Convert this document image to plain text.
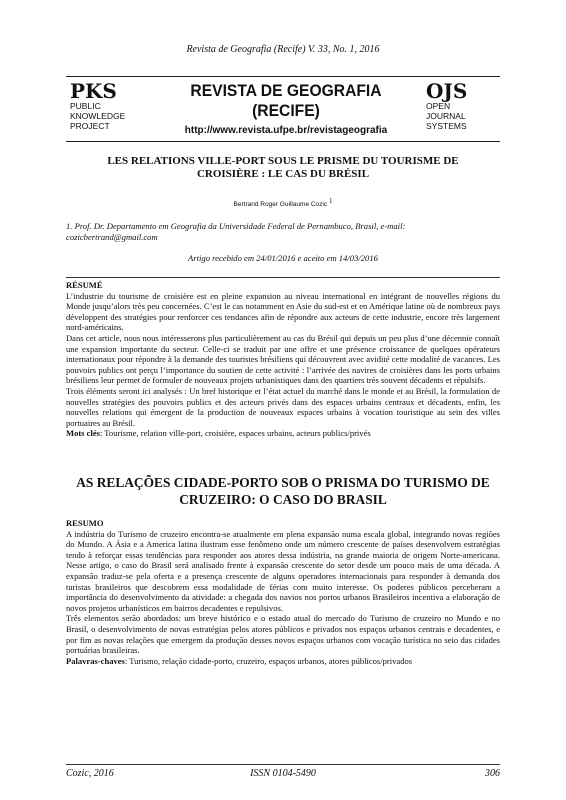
Revista de Geografia (Recife) V. 33, No. 1, 2016
PKS
PUBLIC
KNOWLEDGE
PROJECT
REVISTA DE GEOGRAFIA
(RECIFE)
http://www.revista.ufpe.br/revistageografia
OJS
OPEN
JOURNAL
SYSTEMS
LES RELATIONS VILLE-PORT SOUS LE PRISME DU TOURISME DE
CROISIÈRE : LE CAS DU BRÉSIL
Bertrand Roger Guillaume Cozic $^1$
1. Prof. Dr. Departamento em Geografia da Universidade Federal de Pernambuco, Brasil, e-mail:
cozicbertrand@gmail.com
Artigo recebido em 24/01/2016 e aceito em 14/03/2016

RÉSUMÉ

L’industrie du tourisme de croisière est en pleine expansion au niveau international en intégrant de nouvelles régions du Monde jusqu’alors très peu concernées. C’est le cas notamment en Asie du sud-est et en Amérique latine où de nombreux pays développent des stratégies pour renforcer ces tendances afin de répondre aux acteurs de cette industrie, encore très largement nord-américains.

Dans cet article, nous nous intéresserons plus particulièrement au cas du Brésil qui depuis un peu plus d’une décennie connaît une expansion importante du secteur. Celle-ci se traduit par une offre et une présence croissance de quelques opérateurs internationaux pour répondre à la demande des touristes brésiliens qui découvrent avec avidité cette modalité de vacances. Les pouvoirs publics ont perçu l’importance du soutien de cette activité : l’arrivée des navires de croisières dans les ports urbains brésiliens leur permet de formuler de nouveaux projets urbanistiques dans des quartiers très souvent décadents et répulsifs.

Trois éléments seront ici analysés : Un bref historique et l’état actuel du marché dans le monde et au Brésil, la formulation de nouvelles stratégies des pouvoirs publics et des acteurs privés dans des espaces urbains centraux et décadents, enfin, les nouvelles relations qui émergent de la production de nouveaux espaces urbains à vocation touristique au sein des villes portuaires au Brésil.

Mots clés: Tourisme, relation ville-port, croisière, espaces urbains, acteurs publics/privés

AS RELAÇÕES CIDADE-PORTO SOB O PRISMA DO TURISMO DE
CRUZEIRO: O CASO DO BRASIL

RESUMO

A indústria do Turismo de cruzeiro encontra-se atualmente em plena expansão numa escala global, integrando novas regiões do Mundo. A Ásia e a America latina ilustram esse fenômeno onde um número crescente de países desenvolvem estratégias tendo à reforçar essas tendências para responder aos atores dessa indústria, na grande maioria de origem Norte-americana. Nesse artigo, o caso do Brasil será analisado frente à expansão crescente do setor desde um pouco mais de uma década. A expansão traduz-se pela oferta e a presença crescente de alguns operadores internacionais para responder à demanda dos turistas brasileiros que descobrem essa modalidade de férias com muito interesse. Os poderes públicos perceberam a importância do desenvolvimento da atividade: a chegada dos navios nos portos urbanos Brasileiros incentiva a elaboração de novos projetos urbanísticos em bairros decadentes e repulsivos.

Três elementos serão abordados: um breve histórico e o estado atual do mercado do Turismo de cruzeiro no Mundo e no Brasil, o desenvolvimento de novas estratégias pelos atores públicos e privados nos espaços urbanos centrais e decadentes, e por fim as novas relações que emergem da produção desses novos espaços urbanos com vocação turística no seio das cidades portuárias brasileiras.

Palavras-chaves: Turismo, relação cidade-porto, cruzeiro, espaços urbanos, atores públicos/privados

Cozic, 2016	ISSN 0104-5490	306
